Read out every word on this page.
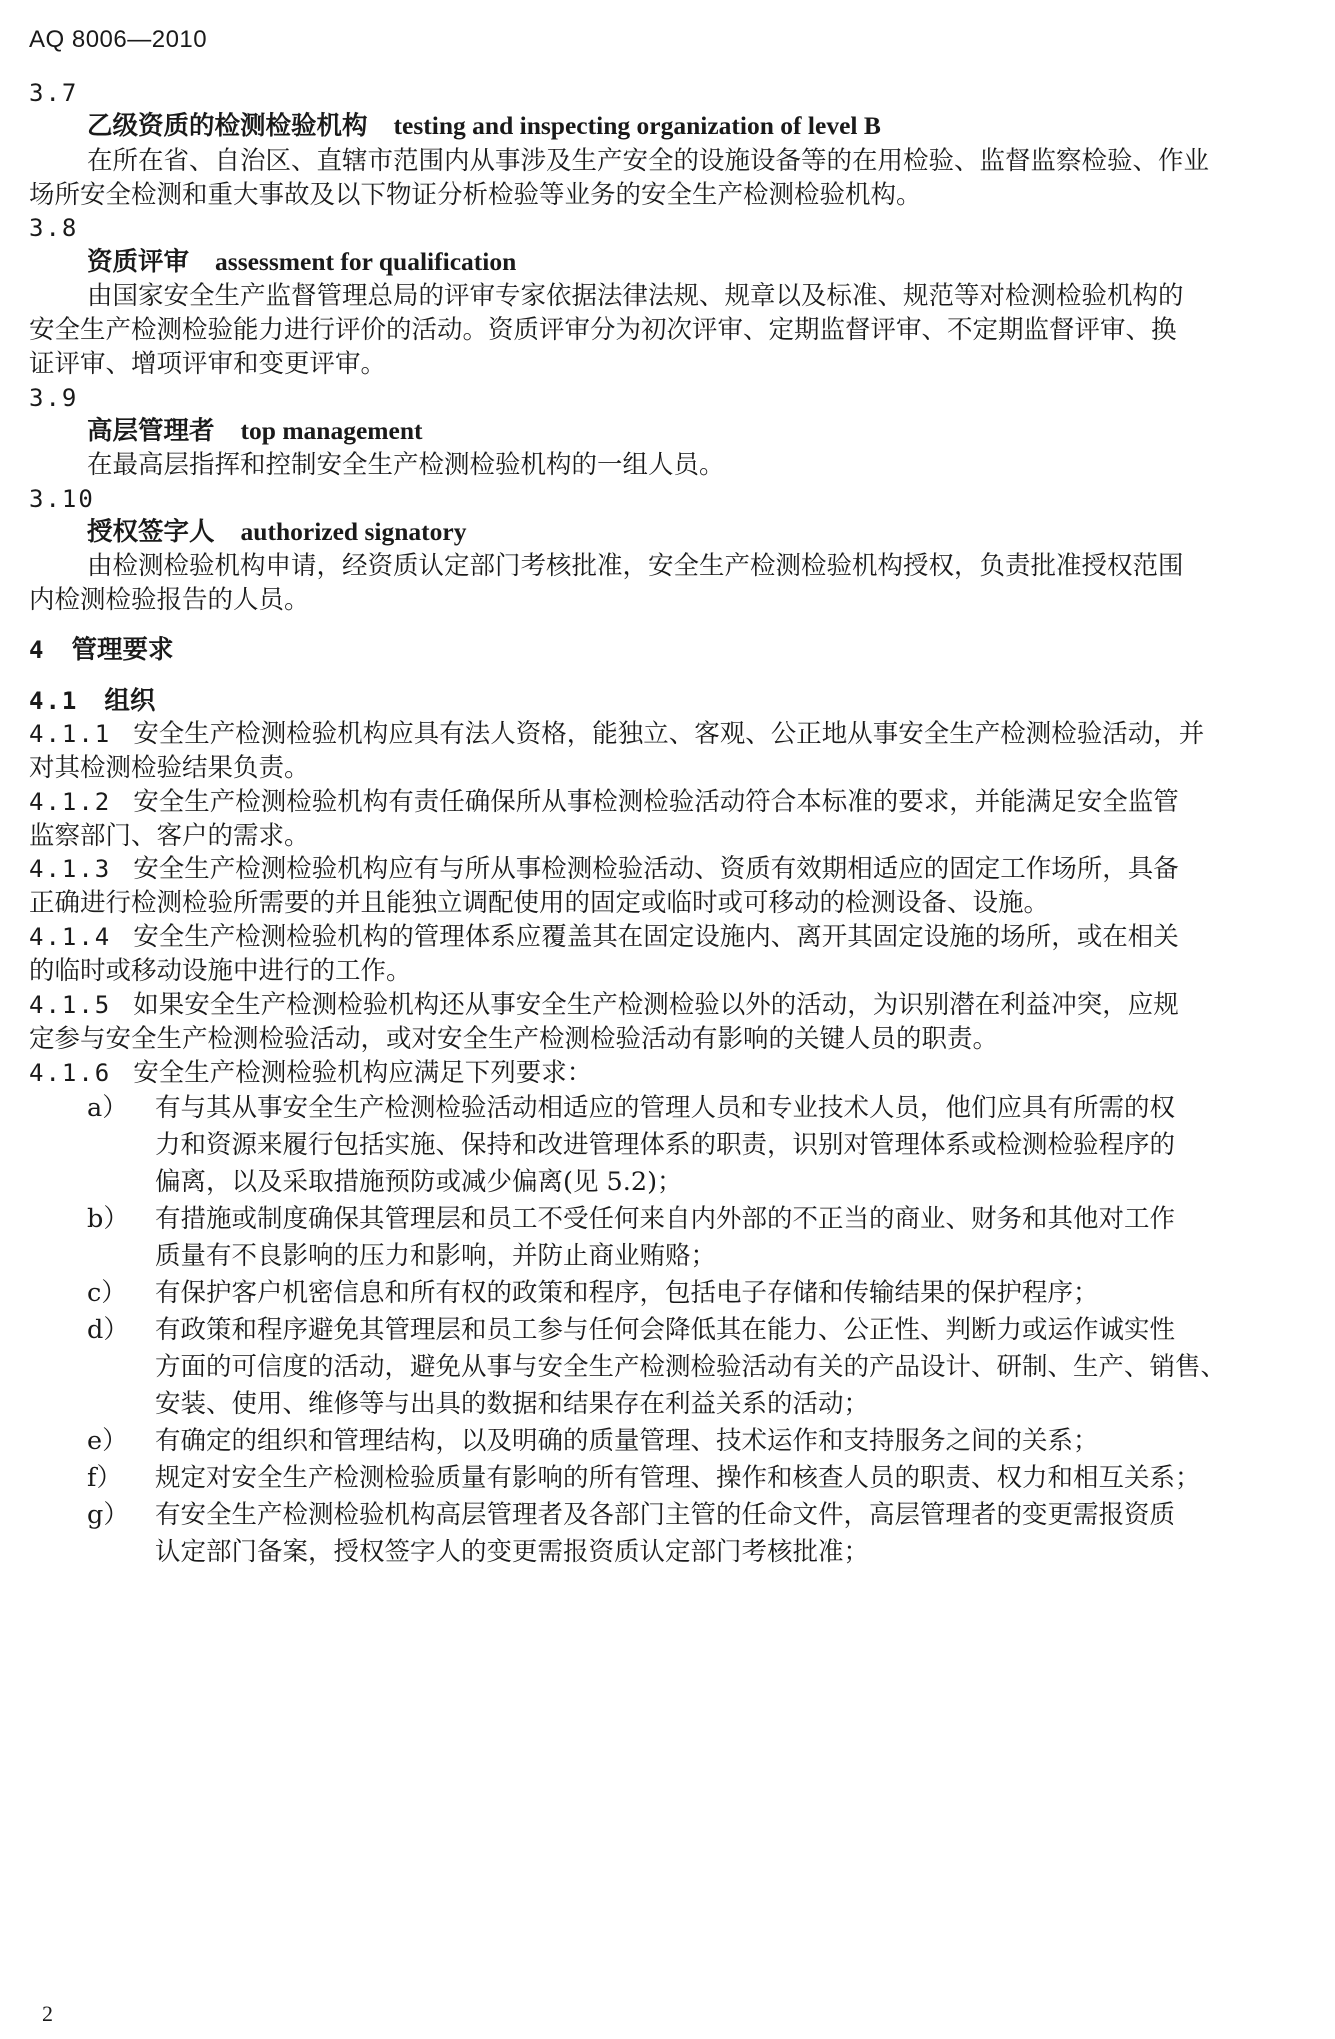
AQ 8006—2010
3.7
乙级资质的检测检验机构 testing and inspecting organization of level B
在所在省、自治区、直辖市范围内从事涉及生产安全的设施设备等的在用检验、监督监察检验、作业
场所安全检测和重大事故及以下物证分析检验等业务的安全生产检测检验机构。
3.8
资质评审 assessment for qualification
由国家安全生产监督管理总局的评审专家依据法律法规、规章以及标准、规范等对检测检验机构的
安全生产检测检验能力进行评价的活动。资质评审分为初次评审、定期监督评审、不定期监督评审、换
证评审、增项评审和变更评审。
3.9
高层管理者 top management
在最高层指挥和控制安全生产检测检验机构的一组人员。
3.10
授权签字人 authorized signatory
由检测检验机构申请，经资质认定部门考核批准，安全生产检测检验机构授权，负责批准授权范围
内检测检验报告的人员。
4 管理要求
4.1 组织
4.1.1 安全生产检测检验机构应具有法人资格，能独立、客观、公正地从事安全生产检测检验活动，并
对其检测检验结果负责。
4.1.2 安全生产检测检验机构有责任确保所从事检测检验活动符合本标准的要求，并能满足安全监管
监察部门、客户的需求。
4.1.3 安全生产检测检验机构应有与所从事检测检验活动、资质有效期相适应的固定工作场所，具备
正确进行检测检验所需要的并且能独立调配使用的固定或临时或可移动的检测设备、设施。
4.1.4 安全生产检测检验机构的管理体系应覆盖其在固定设施内、离开其固定设施的场所，或在相关
的临时或移动设施中进行的工作。
4.1.5 如果安全生产检测检验机构还从事安全生产检测检验以外的活动，为识别潜在利益冲突，应规
定参与安全生产检测检验活动，或对安全生产检测检验活动有影响的关键人员的职责。
4.1.6 安全生产检测检验机构应满足下列要求：
a）	有与其从事安全生产检测检验活动相适应的管理人员和专业技术人员，他们应具有所需的权
力和资源来履行包括实施、保持和改进管理体系的职责，识别对管理体系或检测检验程序的
偏离，以及采取措施预防或减少偏离(见 5.2)；
b）	有措施或制度确保其管理层和员工不受任何来自内外部的不正当的商业、财务和其他对工作
质量有不良影响的压力和影响，并防止商业贿赂；
c）	有保护客户机密信息和所有权的政策和程序，包括电子存储和传输结果的保护程序；
d）	有政策和程序避免其管理层和员工参与任何会降低其在能力、公正性、判断力或运作诚实性
方面的可信度的活动，避免从事与安全生产检测检验活动有关的产品设计、研制、生产、销售、
安装、使用、维修等与出具的数据和结果存在利益关系的活动；
e）	有确定的组织和管理结构，以及明确的质量管理、技术运作和支持服务之间的关系；
f）	规定对安全生产检测检验质量有影响的所有管理、操作和核查人员的职责、权力和相互关系；
g）	有安全生产检测检验机构高层管理者及各部门主管的任命文件，高层管理者的变更需报资质
认定部门备案，授权签字人的变更需报资质认定部门考核批准；
2
